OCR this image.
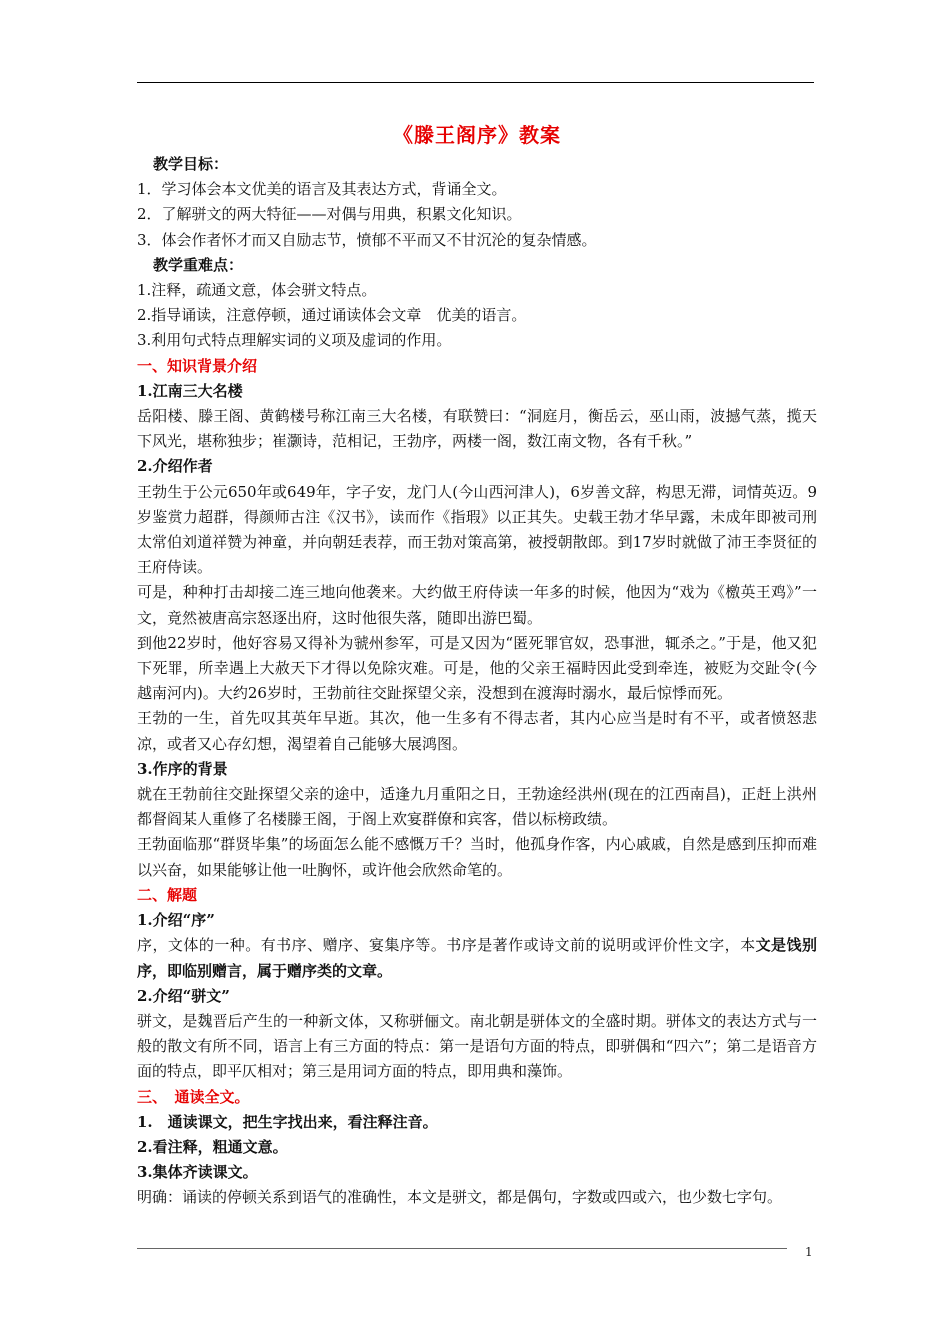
《滕王阁序》教案

教学目标：

1．学习体会本文优美的语言及其表达方式，背诵全文。

2．了解骈文的两大特征——对偶与用典，积累文化知识。

3．体会作者怀才而又自励志节，愤郁不平而又不甘沉沦的复杂情感。

教学重难点：

1.注释，疏通文意，体会骈文特点。

2.指导诵读，注意停顿，通过诵读体会文章　优美的语言。

3.利用句式特点理解实词的义项及虚词的作用。

一、知识背景介绍

1.江南三大名楼

岳阳楼、滕王阁、黄鹤楼号称江南三大名楼，有联赞曰：“洞庭月，衡岳云，巫山雨，波撼气蒸，揽天下风光，堪称独步；崔灏诗，范相记，王勃序，两楼一阁，数江南文物，各有千秋。”

2.介绍作者

王勃生于公元650年或649年，字子安，龙门人(今山西河津人)，6岁善文辞，构思无滞，词情英迈。9岁鉴赏力超群，得颜师古注《汉书》，读而作《指瑕》以正其失。史载王勃才华早露，未成年即被司刑太常伯刘道祥赞为神童，并向朝廷表荐，而王勃对策高第，被授朝散郎。到17岁时就做了沛王李贤征的王府侍读。

可是，种种打击却接二连三地向他袭来。大约做王府侍读一年多的时候，他因为“戏为《檄英王鸡》”一文，竟然被唐高宗怒逐出府，这时他很失落，随即出游巴蜀。

到他22岁时，他好容易又得补为虢州参军，可是又因为“匿死罪官奴，恐事泄，辄杀之。”于是，他又犯下死罪，所幸遇上大赦天下才得以免除灾难。可是，他的父亲王福畤因此受到牵连，被贬为交趾令(今越南河内)。大约26岁时，王勃前往交趾探望父亲，没想到在渡海时溺水，最后惊悸而死。

王勃的一生，首先叹其英年早逝。其次，他一生多有不得志者，其内心应当是时有不平，或者愤怒悲凉，或者又心存幻想，渴望着自己能够大展鸿图。

3.作序的背景

就在王勃前往交趾探望父亲的途中，适逢九月重阳之日，王勃途经洪州(现在的江西南昌)，正赶上洪州都督阎某人重修了名楼滕王阁，于阁上欢宴群僚和宾客，借以标榜政绩。

王勃面临那“群贤毕集”的场面怎么能不感慨万千？当时，他孤身作客，内心戚戚，自然是感到压抑而难以兴奋，如果能够让他一吐胸怀，或许他会欣然命笔的。

二、解题

1.介绍“序”

序，文体的一种。有书序、赠序、宴集序等。书序是著作或诗文前的说明或评价性文字，本文是饯别序，即临别赠言，属于赠序类的文章。

2.介绍“骈文”

骈文，是魏晋后产生的一种新文体，又称骈俪文。南北朝是骈体文的全盛时期。骈体文的表达方式与一般的散文有所不同，语言上有三方面的特点：第一是语句方面的特点，即骈偶和“四六”；第二是语音方面的特点，即平仄相对；第三是用词方面的特点，即用典和藻饰。

三、　通读全文。

1.　通读课文，把生字找出来，看注释注音。

2.看注释，粗通文意。

3.集体齐读课文。

明确：诵读的停顿关系到语气的准确性，本文是骈文，都是偶句，字数或四或六，也少数七字句。

1
